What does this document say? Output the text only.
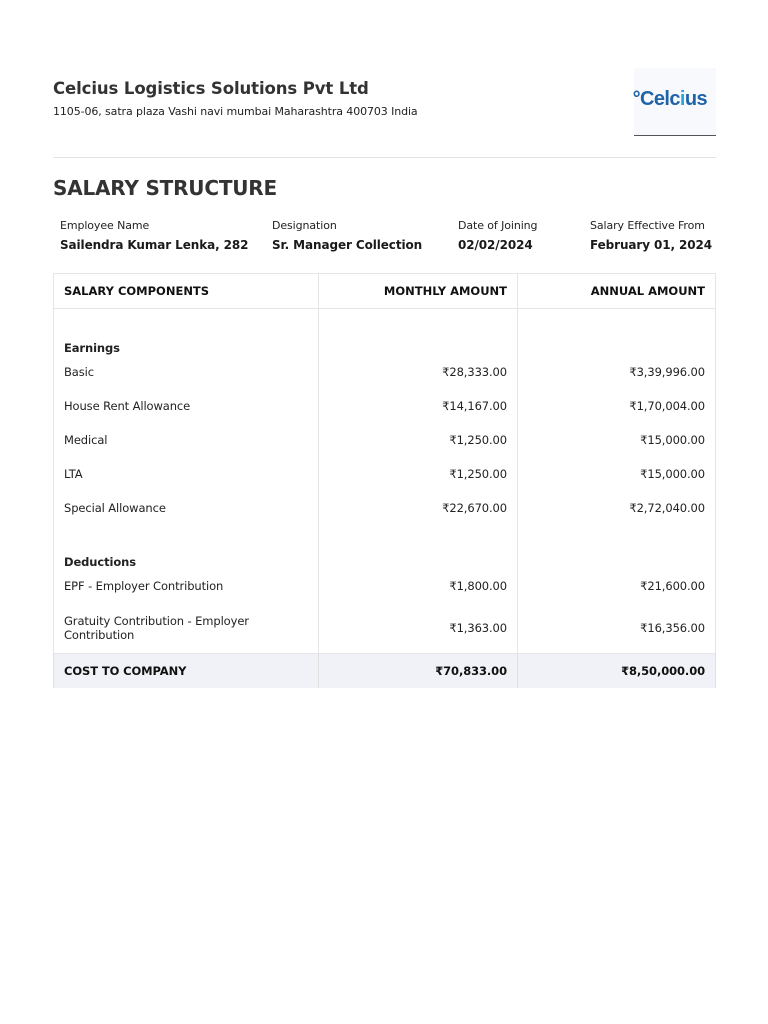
Celcius Logistics Solutions Pvt Ltd
1105-06, satra plaza Vashi navi mumbai Maharashtra 400703 India
°Celcius
SALARY STRUCTURE
Employee Name
Sailendra Kumar Lenka, 282
Designation
Sr. Manager Collection
Date of Joining
02/02/2024
Salary Effective From
February 01, 2024
SALARY COMPONENTS	MONTHLY AMOUNT	ANNUAL AMOUNT
Earnings		
Basic	₹28,333.00	₹3,39,996.00
House Rent Allowance	₹14,167.00	₹1,70,004.00
Medical	₹1,250.00	₹15,000.00
LTA	₹1,250.00	₹15,000.00
Special Allowance	₹22,670.00	₹2,72,040.00
Deductions		
EPF - Employer Contribution	₹1,800.00	₹21,600.00
Gratuity Contribution - Employer Contribution	₹1,363.00	₹16,356.00
COST TO COMPANY	₹70,833.00	₹8,50,000.00
